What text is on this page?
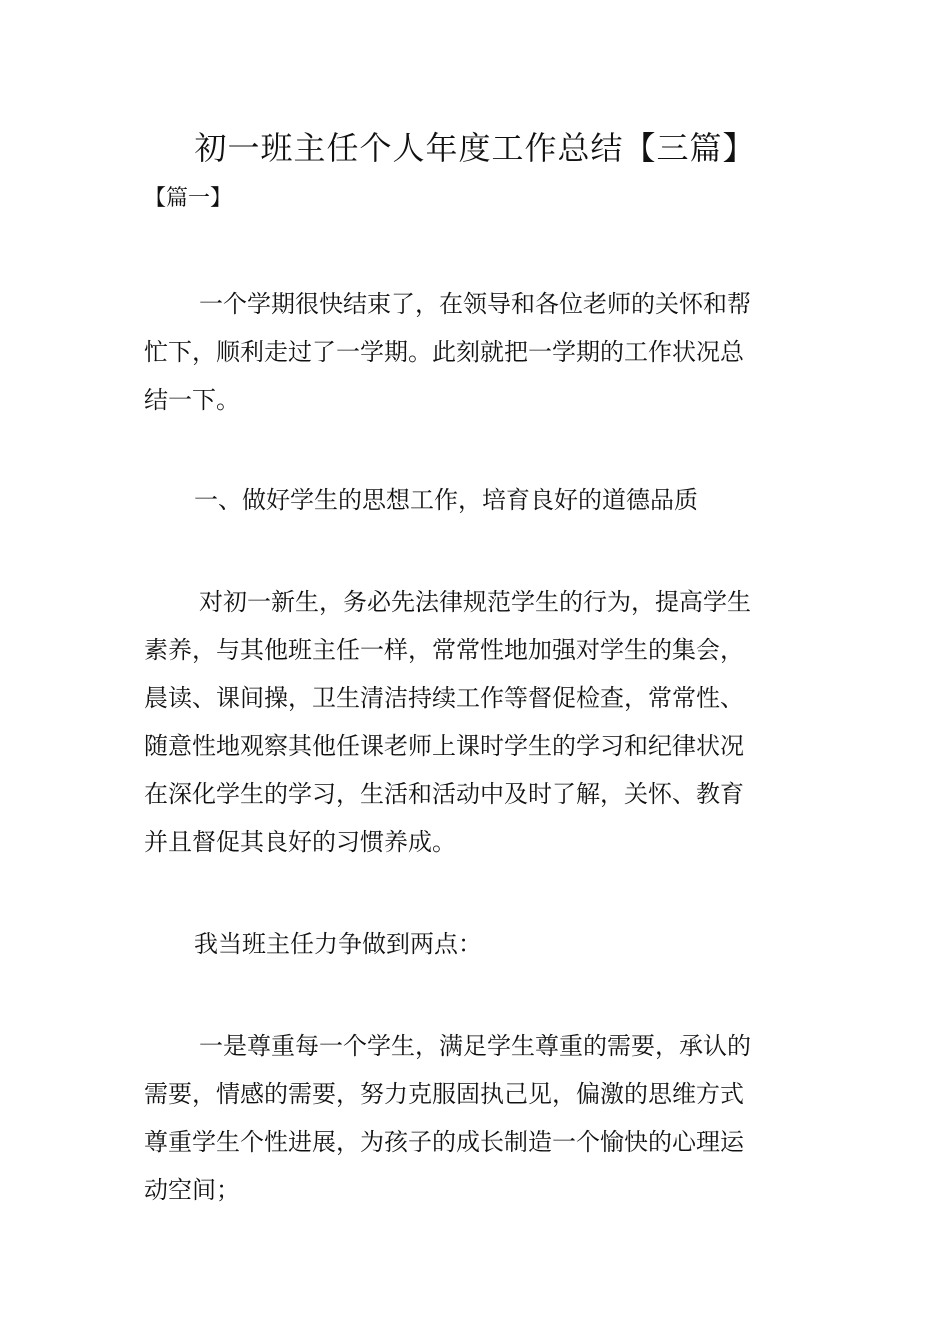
初一班主任个人年度工作总结【三篇】
【篇一】
一个学期很快结束了，在领导和各位老师的关怀和帮
忙下，顺利走过了一学期。此刻就把一学期的工作状况总
结一下。
一、做好学生的思想工作，培育良好的道德品质
对初一新生，务必先法律规范学生的行为，提高学生
素养，与其他班主任一样，常常性地加强对学生的集会，
晨读、课间操，卫生清洁持续工作等督促检查，常常性、
随意性地观察其他任课老师上课时学生的学习和纪律状况
在深化学生的学习，生活和活动中及时了解，关怀、教育
并且督促其良好的习惯养成。
我当班主任力争做到两点：
一是尊重每一个学生，满足学生尊重的需要，承认的
需要，情感的需要，努力克服固执己见，偏激的思维方式
尊重学生个性进展，为孩子的成长制造一个愉快的心理运
动空间；
